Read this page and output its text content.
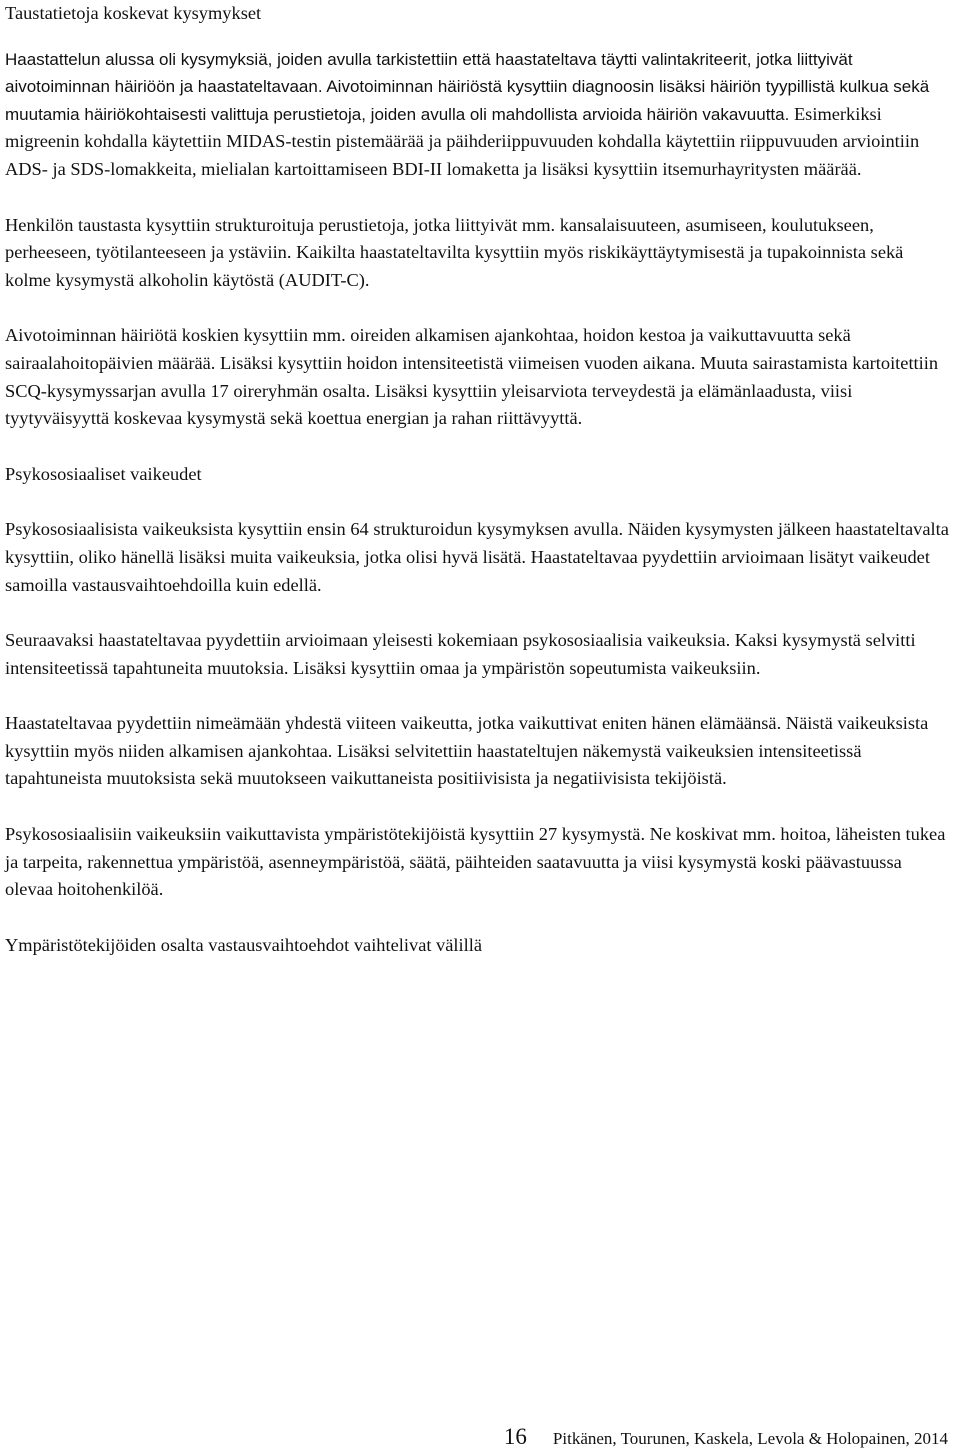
Taustatietoja koskevat kysymykset

Haastattelun alussa oli kysymyksiä, joiden avulla tarkistettiin että haastateltava täytti valintakriteerit, jotka liittyivät aivotoiminnan häiriöön ja haastateltavaan. Aivotoiminnan häiriöstä kysyttiin diagnoosin lisäksi häiriön tyypillistä kulkua sekä muutamia häiriökohtaisesti valittuja perustietoja, joiden avulla oli mahdollista arvioida häiriön vakavuutta. Esimerkiksi migreenin kohdalla käytettiin MIDAS-testin pistemäärää ja päihderiippuvuuden kohdalla käytettiin riippuvuuden arviointiin ADS- ja SDS-lomakkeita, mielialan kartoittamiseen BDI-II lomaketta ja lisäksi kysyttiin itsemurhayritysten määrää.

Henkilön taustasta kysyttiin strukturoituja perustietoja, jotka liittyivät mm. kansalaisuuteen, asumiseen, koulutukseen, perheeseen, työtilanteeseen ja ystäviin. Kaikilta haastateltavilta kysyttiin myös riskikäyttäytymisestä ja tupakoinnista sekä kolme kysymystä alkoholin käytöstä (AUDIT-C).

Aivotoiminnan häiriötä koskien kysyttiin mm. oireiden alkamisen ajankohtaa, hoidon kestoa ja vaikuttavuutta sekä sairaalahoitopäivien määrää. Lisäksi kysyttiin hoidon intensiteetistä viimeisen vuoden aikana. Muuta sairastamista kartoitettiin SCQ-kysymyssarjan avulla 17 oireryhmän osalta. Lisäksi kysyttiin yleisarviota terveydestä ja elämänlaadusta, viisi tyytyväisyyttä koskevaa kysymystä sekä koettua energian ja rahan riittävyyttä.

Psykososiaaliset vaikeudet

Psykososiaalisista vaikeuksista kysyttiin ensin 64 strukturoidun kysymyksen avulla. Näiden kysymysten jälkeen haastateltavalta kysyttiin, oliko hänellä lisäksi muita vaikeuksia, jotka olisi hyvä lisätä. Haastateltavaa pyydettiin arvioimaan lisätyt vaikeudet samoilla vastausvaihtoehdoilla kuin edellä.

Seuraavaksi haastateltavaa pyydettiin arvioimaan yleisesti kokemiaan psykososiaalisia vaikeuksia. Kaksi kysymystä selvitti intensiteetissä tapahtuneita muutoksia. Lisäksi kysyttiin omaa ja ympäristön sopeutumista vaikeuksiin.

Haastateltavaa pyydettiin nimeämään yhdestä viiteen vaikeutta, jotka vaikuttivat eniten hänen elämäänsä. Näistä vaikeuksista kysyttiin myös niiden alkamisen ajankohtaa. Lisäksi selvitettiin haastateltujen näkemystä vaikeuksien intensiteetissä tapahtuneista muutoksista sekä muutokseen vaikuttaneista positiivisista ja negatiivisista tekijöistä.

Psykososiaalisiin vaikeuksiin vaikuttavista ympäristötekijöistä kysyttiin 27 kysymystä. Ne koskivat mm. hoitoa, läheisten tukea ja tarpeita, rakennettua ympäristöä, asenneympäristöä, säätä, päihteiden saatavuutta ja viisi kysymystä koski päävastuussa olevaa hoitohenkilöä.

Ympäristötekijöiden osalta vastausvaihtoehdot vaihtelivat välillä

16 Pitkänen, Tourunen, Kaskela, Levola & Holopainen, 2014
